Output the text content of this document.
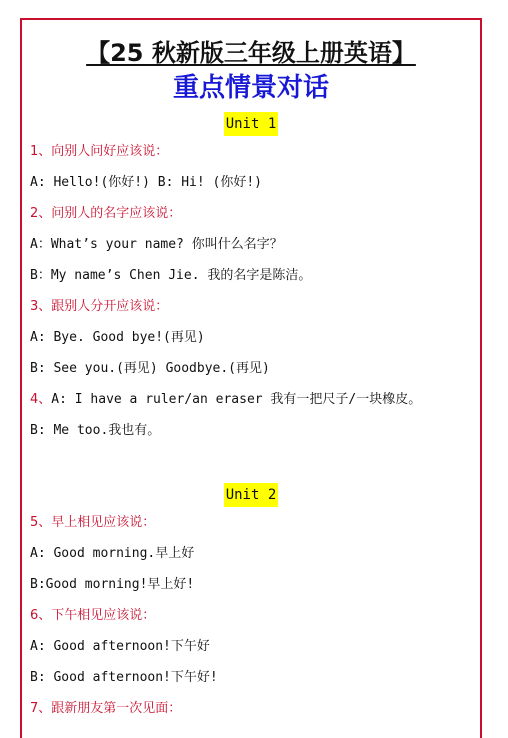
【25 秋新版三年级上册英语】
重点情景对话
Unit 1
1、向别人问好应该说：
A: Hello!(你好!) B: Hi! (你好!)
2、问别人的名字应该说：
A：What’s your name? 你叫什么名字？
B：My name’s Chen Jie. 我的名字是陈洁。
3、跟别人分开应该说：
A: Bye. Good bye!(再见)
B: See you.(再见) Goodbye.(再见)
4、A: I have a ruler/an eraser 我有一把尺子/一块橡皮。
B: Me too.我也有。
Unit 2
5、早上相见应该说：
A: Good morning.早上好
B:Good morning!早上好!
6、下午相见应该说：
A: Good afternoon!下午好
B: Good afternoon!下午好!
7、跟新朋友第一次见面：
